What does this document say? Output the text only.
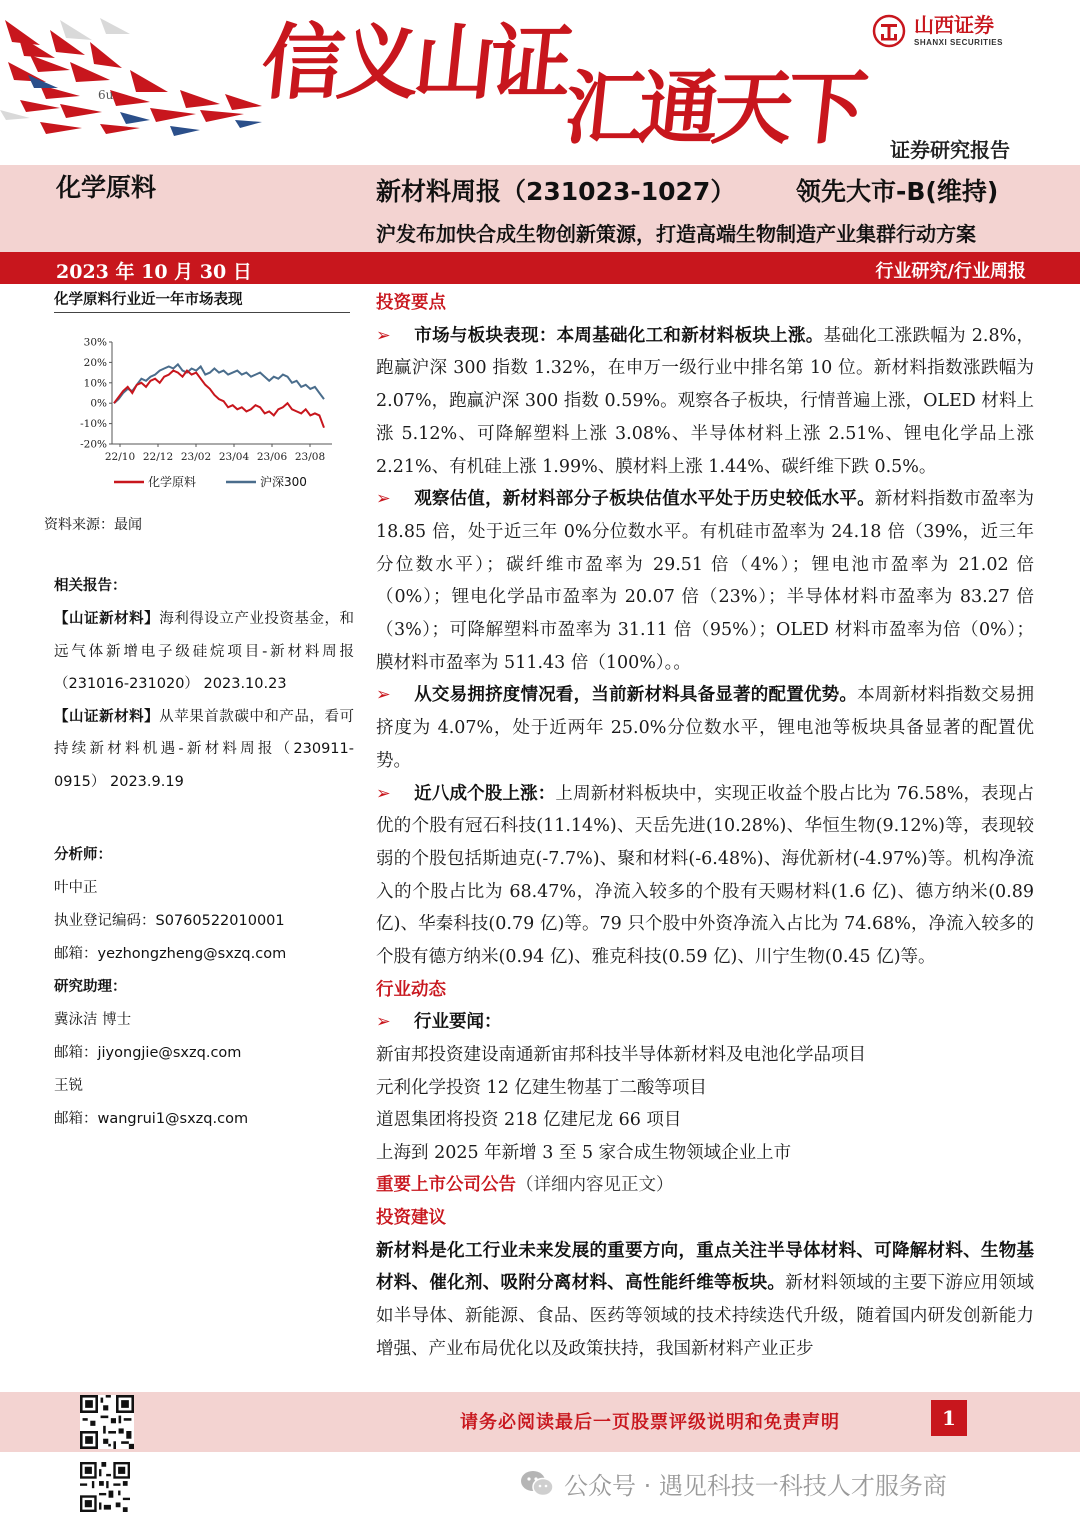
6u 信义山证
汇通天下
山西证券
SHANXI SECURITIES
证券研究报告
化学原料	新材料周报（231023-1027） 领先大市-B(维持)
沪发布加快合成生物创新策源，打造高端生物制造产业集群行动方案
2023 年 10 月 30 日	行业研究/行业周报
化学原料行业近一年市场表现
30%
20%
10%
0%
-10%
-20%
22/10 22/12 23/02 23/04 23/06 23/08
化学原料	沪深300
资料来源：最闻
相关报告：
【山证新材料】海利得设立产业投资基金，和远气体新增电子级硅烷项目-新材料周报（231016-231020） 2023.10.23
【山证新材料】从苹果首款碳中和产品，看可持续新材料机遇-新材料周报（230911-0915） 2023.9.19
分析师：
叶中正
执业登记编码：S0760522010001
邮箱：yezhongzheng@sxzq.com
研究助理：
冀泳洁 博士
邮箱：jiyongjie@sxzq.com
王锐
邮箱：wangrui1@sxzq.com
投资要点
➢ 市场与板块表现：本周基础化工和新材料板块上涨。基础化工涨跌幅为 2.8%，跑赢沪深 300 指数 1.32%，在申万一级行业中排名第 10 位。新材料指数涨跌幅为 2.07%，跑赢沪深 300 指数 0.59%。观察各子板块，行情普遍上涨，OLED 材料上涨 5.12%、可降解塑料上涨 3.08%、半导体材料上涨 2.51%、锂电化学品上涨 2.21%、有机硅上涨 1.99%、膜材料上涨 1.44%、碳纤维下跌 0.5%。
➢ 观察估值，新材料部分子板块估值水平处于历史较低水平。新材料指数市盈率为 18.85 倍，处于近三年 0%分位数水平。有机硅市盈率为 24.18 倍（39%，近三年分位数水平）；碳纤维市盈率为 29.51 倍（4%）；锂电池市盈率为 21.02 倍（0%）；锂电化学品市盈率为 20.07 倍（23%）；半导体材料市盈率为 83.27 倍（3%）；可降解塑料市盈率为 31.11 倍（95%）；OLED 材料市盈率为倍（0%）；膜材料市盈率为 511.43 倍（100%）。。
➢ 从交易拥挤度情况看，当前新材料具备显著的配置优势。本周新材料指数交易拥挤度为 4.07%，处于近两年 25.0%分位数水平，锂电池等板块具备显著的配置优势。
➢ 近八成个股上涨：上周新材料板块中，实现正收益个股占比为 76.58%，表现占优的个股有冠石科技(11.14%)、天岳先进(10.28%)、华恒生物(9.12%)等，表现较弱的个股包括斯迪克(-7.7%)、聚和材料(-6.48%)、海优新材(-4.97%)等。机构净流入的个股占比为 68.47%，净流入较多的个股有天赐材料(1.6 亿)、德方纳米(0.89 亿)、华秦科技(0.79 亿)等。79 只个股中外资净流入占比为 74.68%，净流入较多的个股有德方纳米(0.94 亿)、雅克科技(0.59 亿)、川宁生物(0.45 亿)等。
行业动态
➢ 行业要闻：
新宙邦投资建设南通新宙邦科技半导体新材料及电池化学品项目
元利化学投资 12 亿建生物基丁二酸等项目
道恩集团将投资 218 亿建尼龙 66 项目
上海到 2025 年新增 3 至 5 家合成生物领域企业上市
重要上市公司公告（详细内容见正文）
投资建议
新材料是化工行业未来发展的重要方向，重点关注半导体材料、可降解材料、生物基材料、催化剂、吸附分离材料、高性能纤维等板块。新材料领域的主要下游应用领域如半导体、新能源、食品、医药等领域的技术持续迭代升级，随着国内研发创新能力增强、产业布局优化以及政策扶持，我国新材料产业正步
请务必阅读最后一页股票评级说明和免责声明	1
公众号 · 遇见科技一科技人才服务商
